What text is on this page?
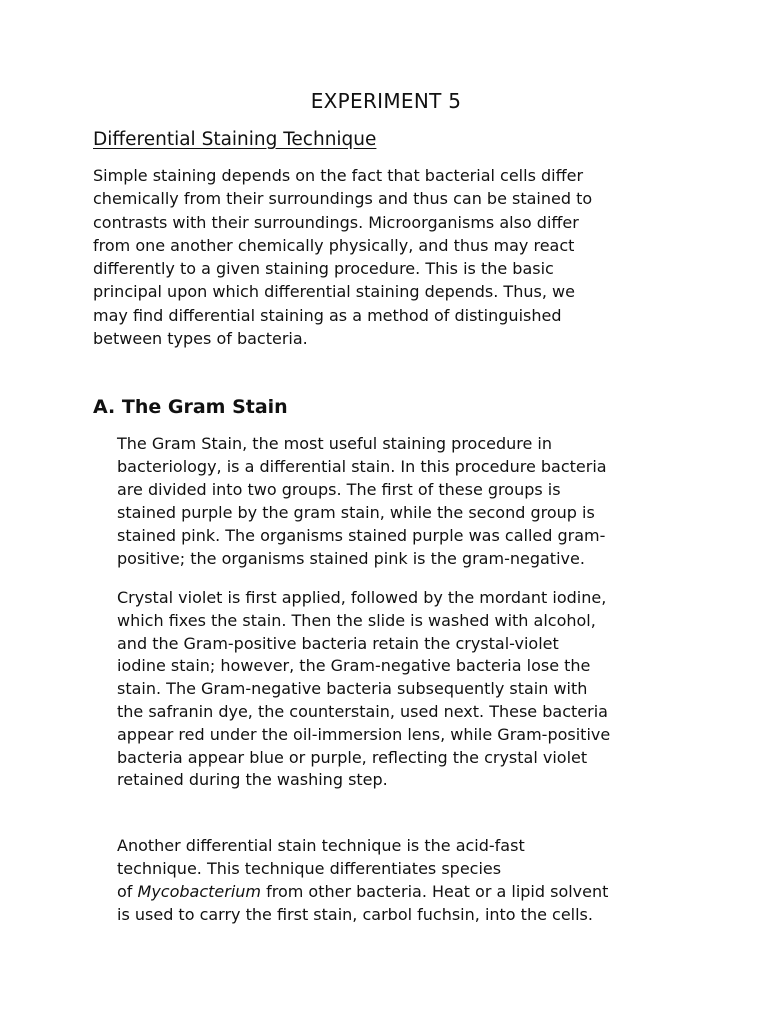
EXPERIMENT 5
Differential Staining Technique

Simple staining depends on the fact that bacterial cells differ
chemically from their surroundings and thus can be stained to
contrasts with their surroundings. Microorganisms also differ
from one another chemically physically, and thus may react
differently to a given staining procedure. This is the basic
principal upon which differential staining depends. Thus, we
may find differential staining as a method of distinguished
between types of bacteria.

A. The Gram Stain

The Gram Stain, the most useful staining procedure in
bacteriology, is a differential stain. In this procedure bacteria
are divided into two groups. The first of these groups is
stained purple by the gram stain, while the second group is
stained pink. The organisms stained purple was called gram-
positive; the organisms stained pink is the gram-negative.

Crystal violet is first applied, followed by the mordant iodine,
which fixes the stain. Then the slide is washed with alcohol,
and the Gram-positive bacteria retain the crystal-violet
iodine stain; however, the Gram-negative bacteria lose the
stain. The Gram-negative bacteria subsequently stain with
the safranin dye, the counterstain, used next. These bacteria
appear red under the oil-immersion lens, while Gram-positive
bacteria appear blue or purple, reflecting the crystal violet
retained during the washing step.

Another differential stain technique is the acid-fast
technique. This technique differentiates species
of Mycobacterium from other bacteria. Heat or a lipid solvent
is used to carry the first stain, carbol fuchsin, into the cells.
